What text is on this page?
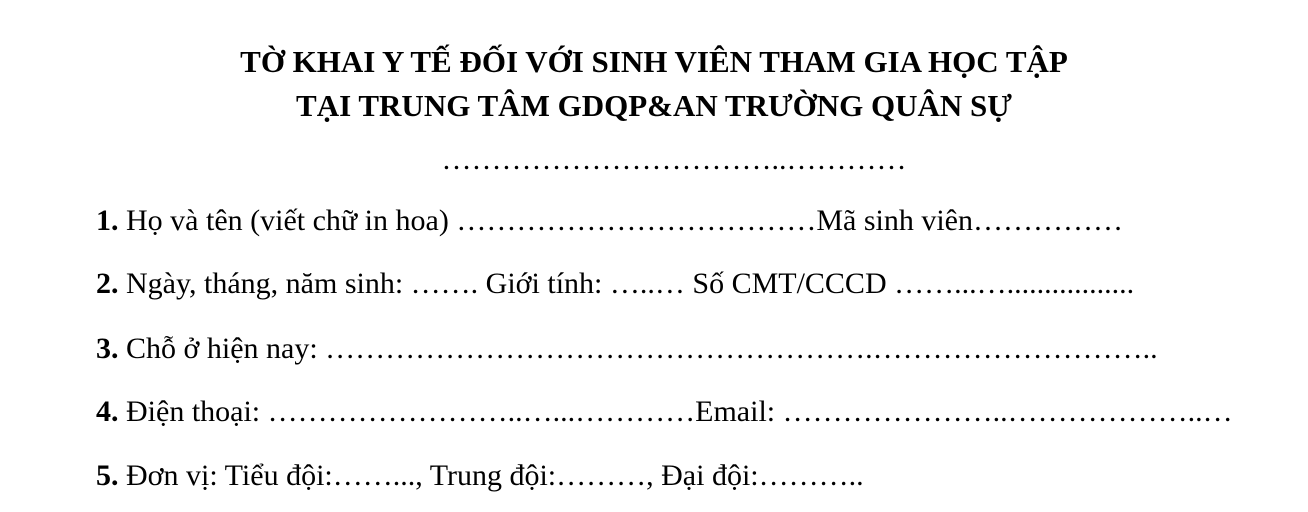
TỜ KHAI Y TẾ ĐỐI VỚI SINH VIÊN THAM GIA HỌC TẬP
TẠI TRUNG TÂM GDQP&AN TRƯỜNG QUÂN SỰ
……………………………..…………
1. Họ và tên (viết chữ in hoa) ………………………………Mã sinh viên……………
2. Ngày, tháng, năm sinh: ……. Giới tính: …..… Số CMT/CCCD ……...….................
3. Chỗ ở hiện nay: ……………………………………………….………………………..
4. Điện thoại: ……………………..…...…………Email: …………………..………………..…
5. Đơn vị: Tiểu đội:……..., Trung đội:………, Đại đội:………..
